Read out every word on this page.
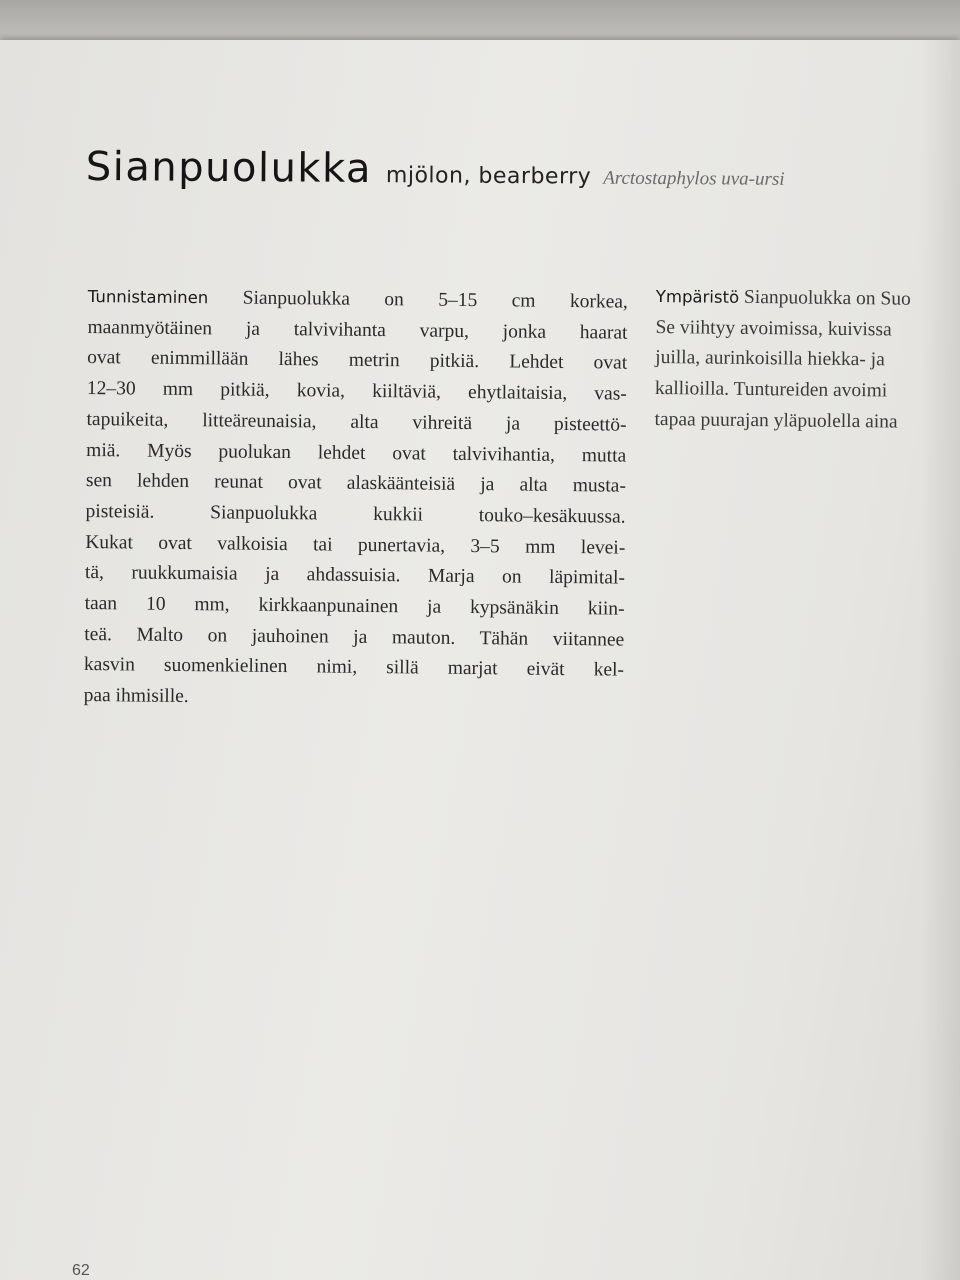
Sianpuolukka mjölon, bearberry Arctostaphylos uva-ursi
Tunnistaminen Sianpuolukka on 5–15 cm korkea,
maanmyötäinen ja talvivihanta varpu, jonka haarat
ovat enimmillään lähes metrin pitkiä. Lehdet ovat
12–30 mm pitkiä, kovia, kiiltäviä, ehytlaitaisia, vas-
tapuikeita, litteäreunaisia, alta vihreitä ja pisteettö-
miä. Myös puolukan lehdet ovat talvivihantia, mutta
sen lehden reunat ovat alaskäänteisiä ja alta musta-
pisteisiä. Sianpuolukka kukkii touko–kesäkuussa.
Kukat ovat valkoisia tai punertavia, 3–5 mm levei-
tä, ruukkumaisia ja ahdassuisia. Marja on läpimital-
taan 10 mm, kirkkaanpunainen ja kypsänäkin kiin-
teä. Malto on jauhoinen ja mauton. Tähän viitannee
kasvin suomenkielinen nimi, sillä marjat eivät kel-
paa ihmisille.
Ympäristö Sianpuolukka on Suo
Se viihtyy avoimissa, kuivissa
juilla, aurinkoisilla hiekka- ja
kallioilla. Tuntureiden avoimi
tapaa puurajan yläpuolella aina
62
